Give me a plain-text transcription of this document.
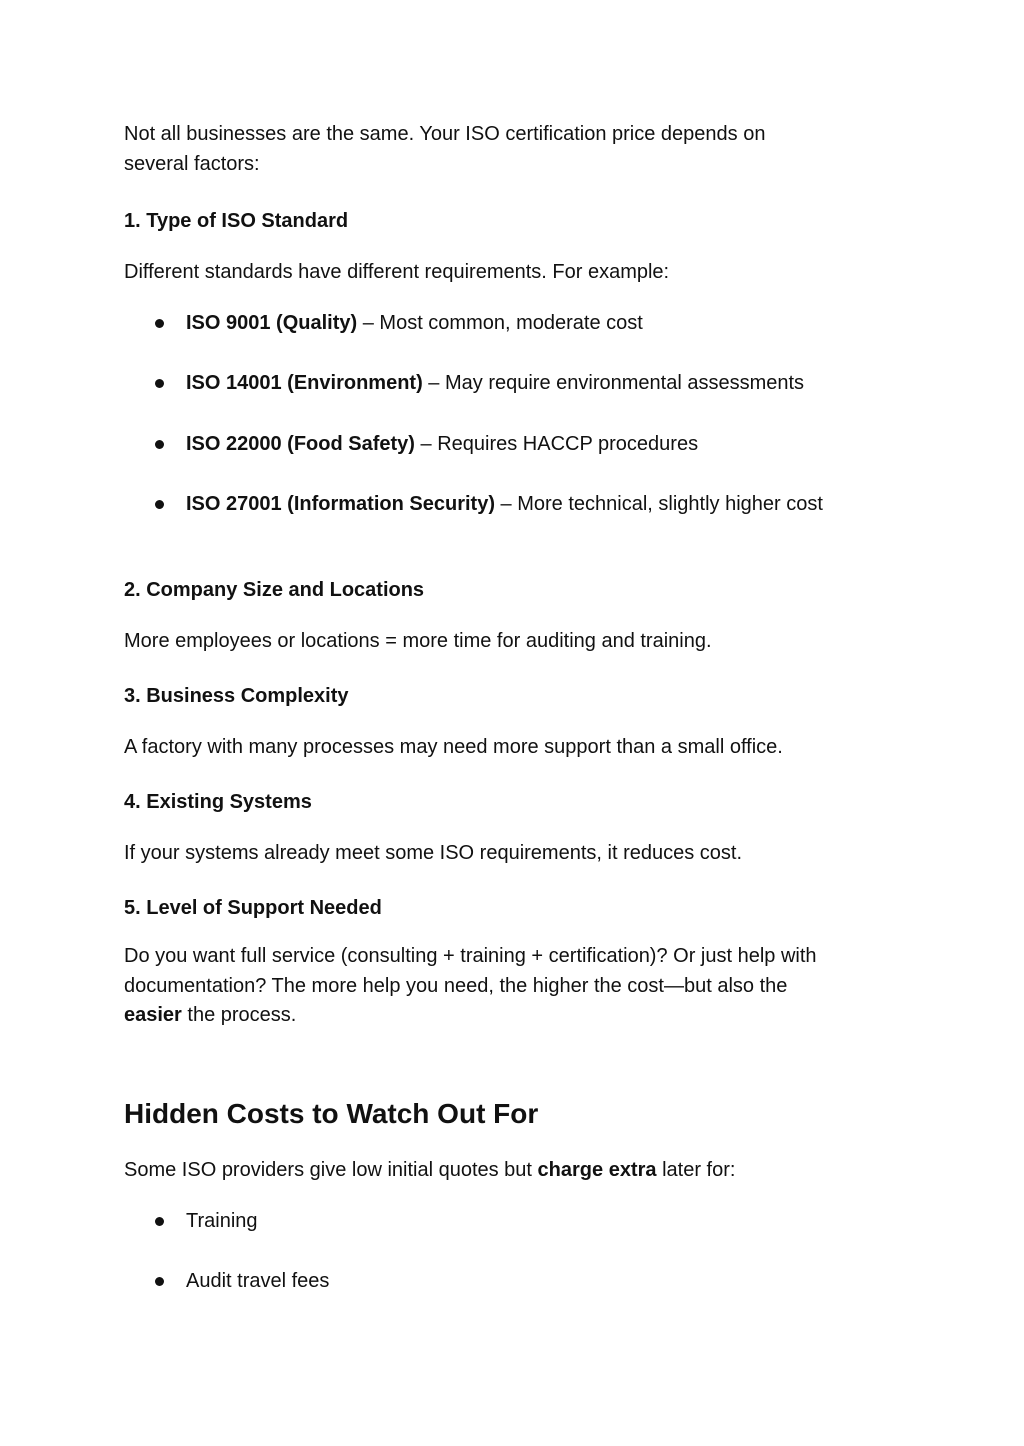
Not all businesses are the same. Your ISO certification price depends on

several factors:

1. Type of ISO Standard

Different standards have different requirements. For example:

ISO 9001 (Quality) – Most common, moderate cost
ISO 14001 (Environment) – May require environmental assessments
ISO 22000 (Food Safety) – Requires HACCP procedures
ISO 27001 (Information Security) – More technical, slightly higher cost

2. Company Size and Locations

More employees or locations = more time for auditing and training.

3. Business Complexity

A factory with many processes may need more support than a small office.

4. Existing Systems

If your systems already meet some ISO requirements, it reduces cost.

5. Level of Support Needed

Do you want full service (consulting + training + certification)? Or just help with

documentation? The more help you need, the higher the cost—but also the

easier the process.

Hidden Costs to Watch Out For

Some ISO providers give low initial quotes but charge extra later for:

Training
Audit travel fees
